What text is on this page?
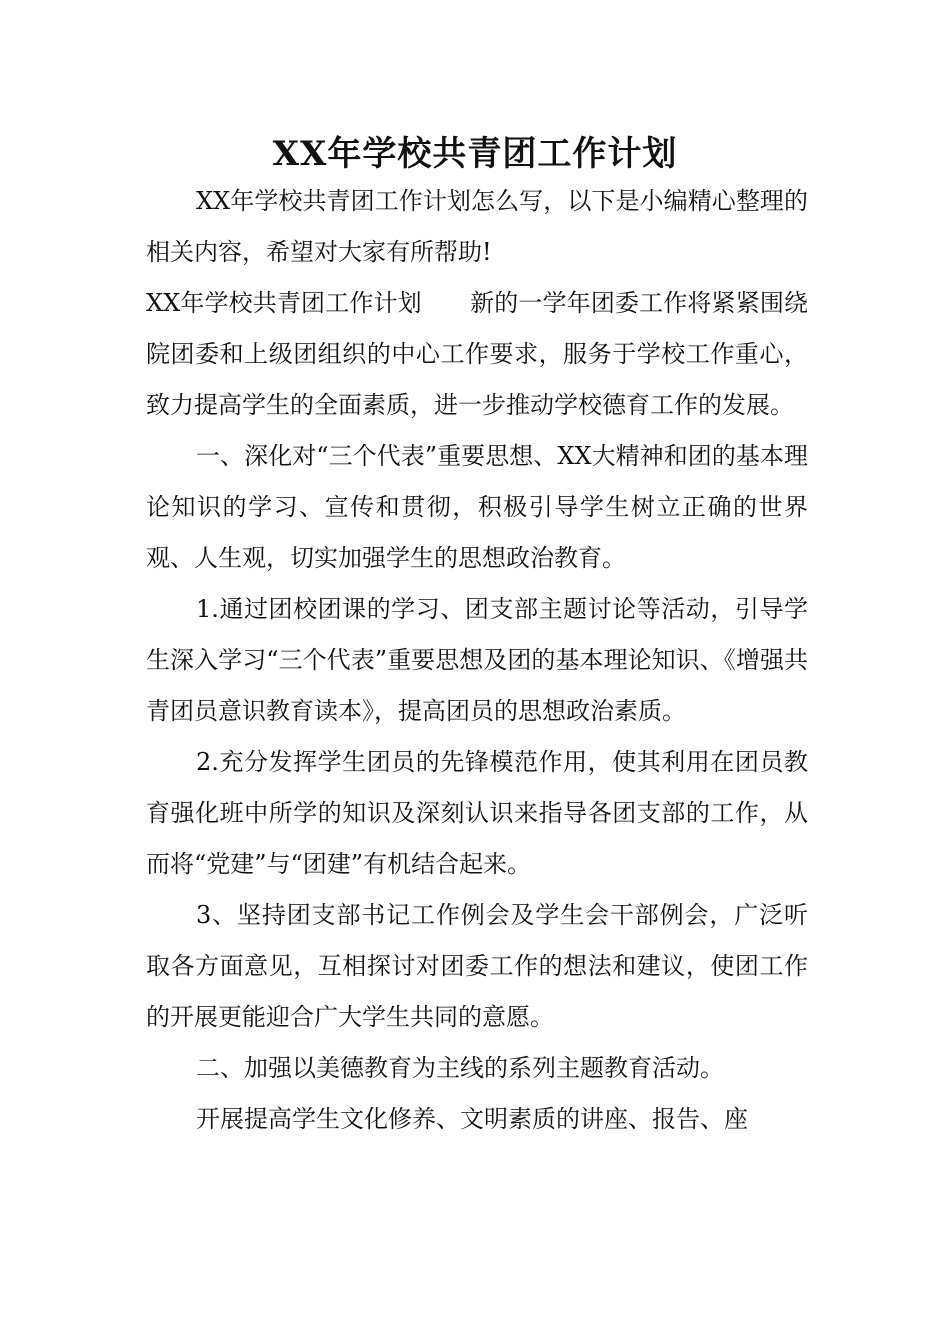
XX年学校共青团工作计划

XX年学校共青团工作计划怎么写，以下是小编精心整理的相关内容，希望对大家有所帮助!

XX年学校共青团工作计划　　新的一学年团委工作将紧紧围绕院团委和上级团组织的中心工作要求，服务于学校工作重心，致力提高学生的全面素质，进一步推动学校德育工作的发展。

一、深化对“三个代表”重要思想、XX大精神和团的基本理论知识的学习、宣传和贯彻，积极引导学生树立正确的世界观、人生观，切实加强学生的思想政治教育。

1.通过团校团课的学习、团支部主题讨论等活动，引导学生深入学习“三个代表”重要思想及团的基本理论知识、《增强共青团员意识教育读本》，提高团员的思想政治素质。

2.充分发挥学生团员的先锋模范作用，使其利用在团员教育强化班中所学的知识及深刻认识来指导各团支部的工作，从而将“党建”与“团建”有机结合起来。

3、坚持团支部书记工作例会及学生会干部例会，广泛听取各方面意见，互相探讨对团委工作的想法和建议，使团工作的开展更能迎合广大学生共同的意愿。

二、加强以美德教育为主线的系列主题教育活动。

开展提高学生文化修养、文明素质的讲座、报告、座
